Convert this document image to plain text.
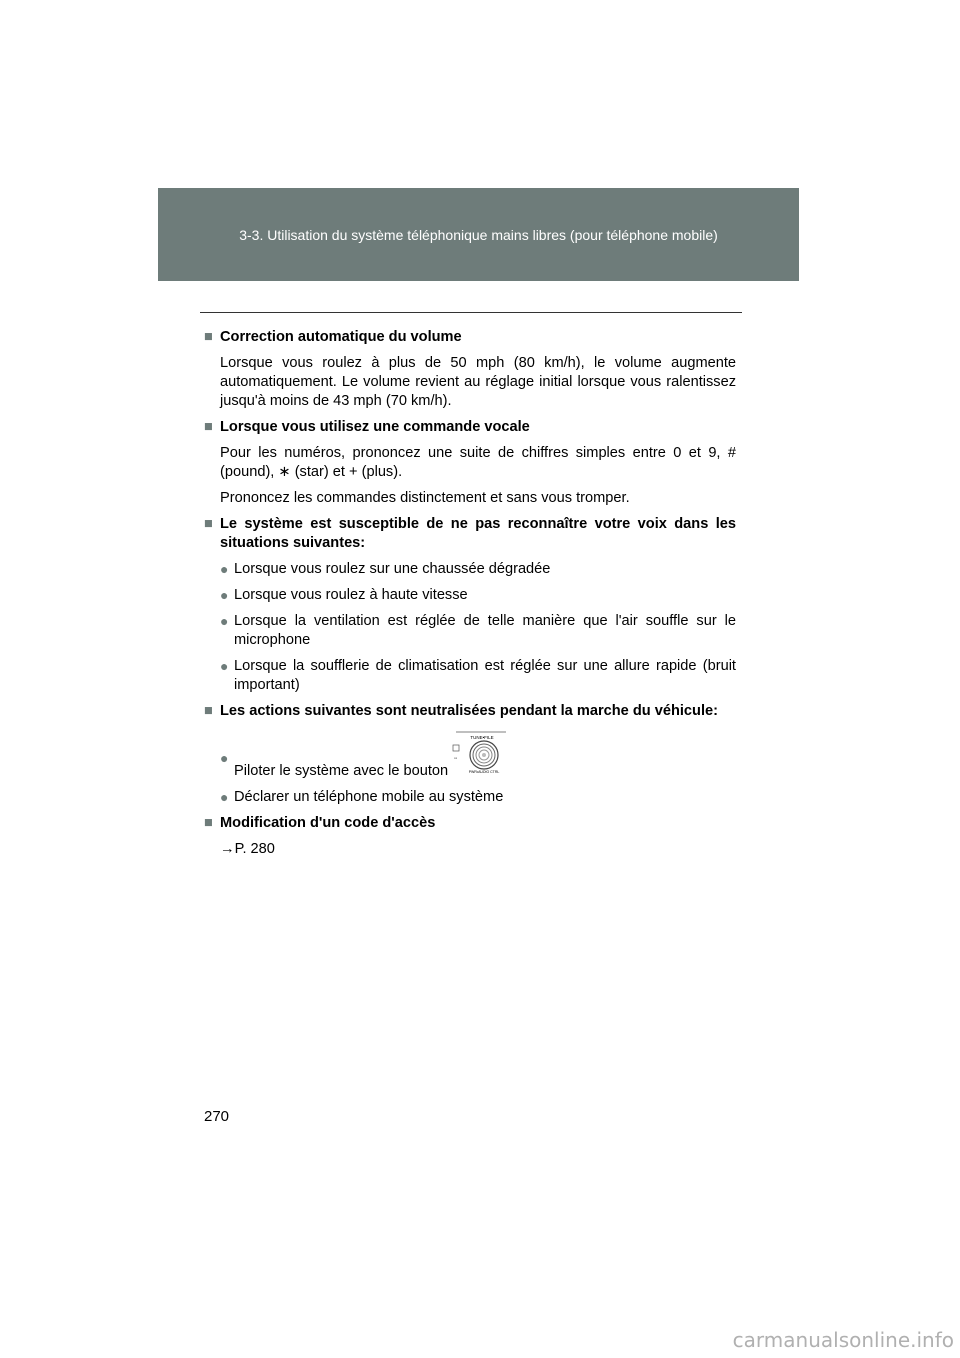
3-3. Utilisation du système téléphonique mains libres (pour téléphone mobile)
■ Correction automatique du volume
Lorsque vous roulez à plus de 50 mph (80 km/h), le volume augmente automatiquement. Le volume revient au réglage initial lorsque vous ralentissez jusqu'à moins de 43 mph (70 km/h).
■ Lorsque vous utilisez une commande vocale
Pour les numéros, prononcez une suite de chiffres simples entre 0 et 9, # (pound), ∗ (star) et + (plus).
Prononcez les commandes distinctement et sans vous tromper.
■ Le système est susceptible de ne pas reconnaître votre voix dans les situations suivantes:
● Lorsque vous roulez sur une chaussée dégradée
● Lorsque vous roulez à haute vitesse
● Lorsque la ventilation est réglée de telle manière que l'air souffle sur le microphone
● Lorsque la soufflerie de climatisation est réglée sur une allure rapide (bruit important)
■ Les actions suivantes sont neutralisées pendant la marche du véhicule:
●
Piloter le système avec le bouton
TUNE•FILE
▭
PWR•AUDIO CTRL
● Déclarer un téléphone mobile au système
■ Modification d'un code d'accès
→P. 280
270
carmanualsonline.info
